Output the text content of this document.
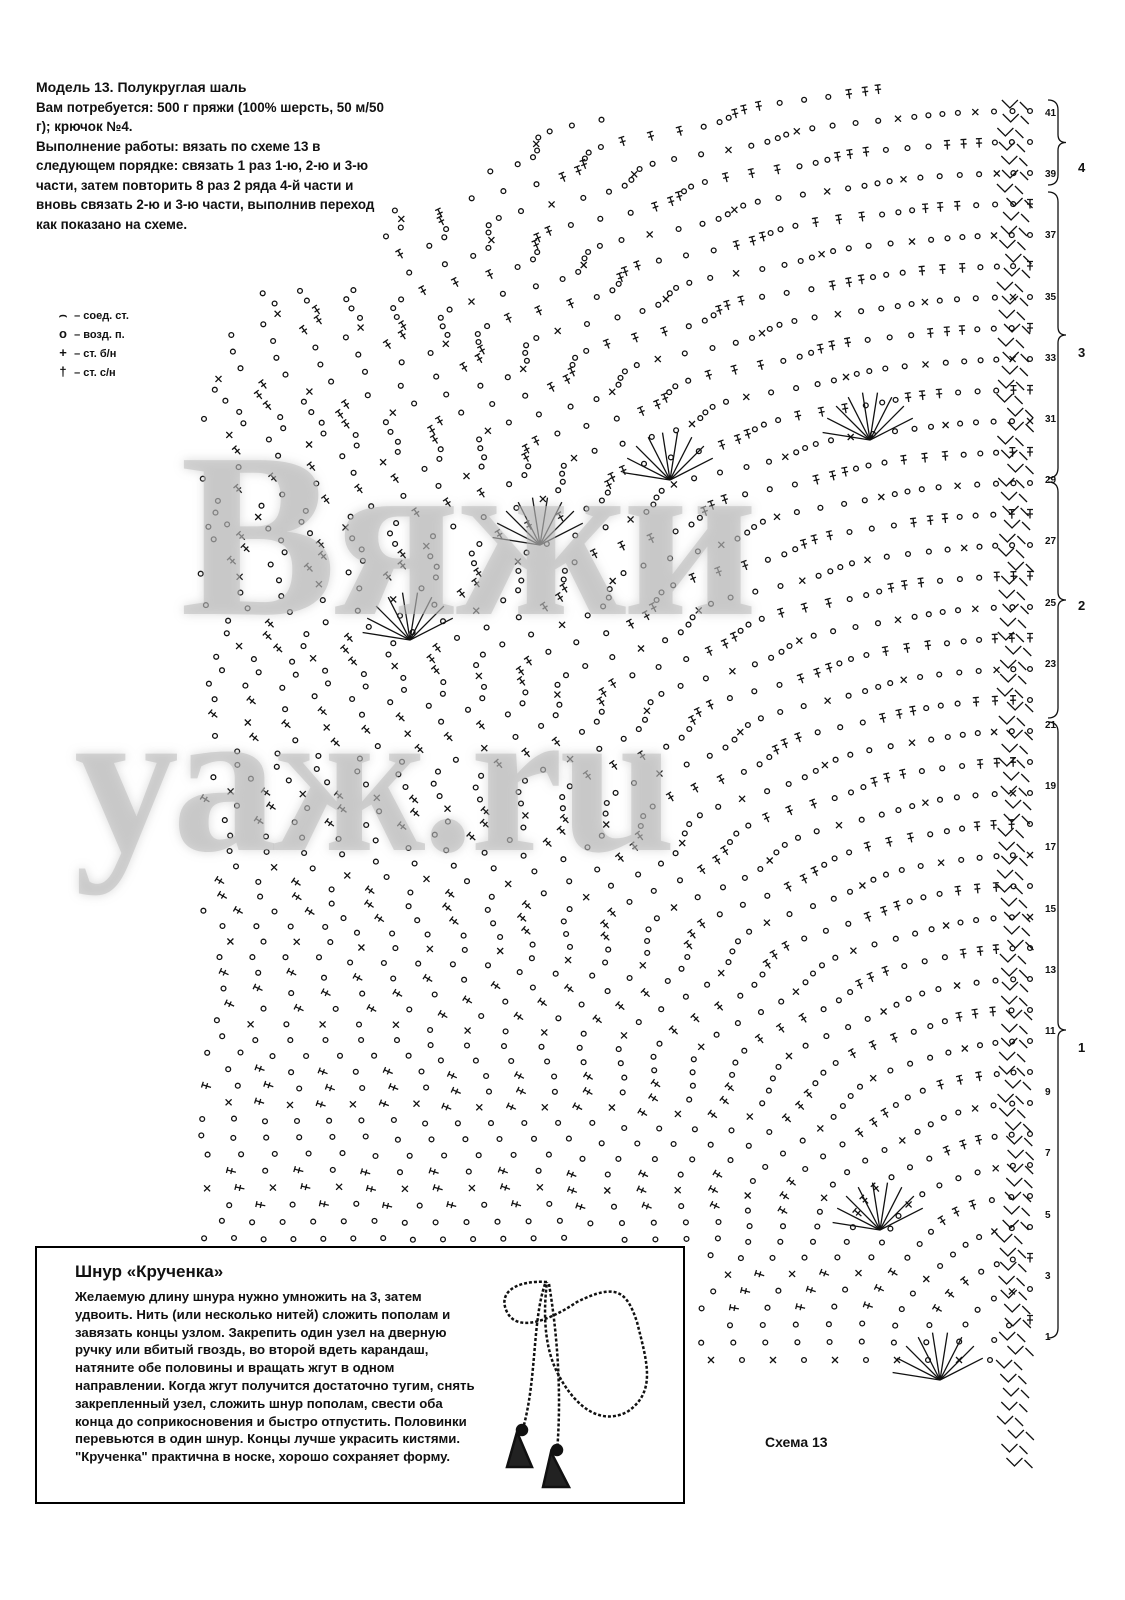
Модель 13. Полукруглая шаль
Вам потребуется: 500 г пряжи (100% шерсть, 50 м/50 г); крючок №4.
Выполнение работы: вязать по схеме 13 в следующем порядке: связать 1 раз 1-ю, 2-ю и 3-ю части, затем повторить 8 раз 2 ряда 4-й части и вновь связать 2-ю и 3-ю части, выполнив переход как показано на схеме.
⌢ – соед. ст.
о – возд. п.
+ – ст. б/н
† – ст. с/н
Вяжи
уаж.ru
41
39
37
35
33
31
29
27
25
23
21
19
17
15
13
11
9
7
5
3
1
4
3
2
1
Схема 13
Шнур «Крученка»
Желаемую длину шнура нужно умножить на 3, затем удвоить. Нить (или несколько нитей) сложить пополам и завязать концы узлом. Закрепить один узел на дверную ручку или вбитый гвоздь, во второй вдеть карандаш, натяните обе половины и вращать жгут в одном направлении. Когда жгут получится достаточно тугим, снять закрепленный узел, сложить шнур пополам, свести оба конца до соприкосновения и быстро отпустить. Половинки перевьются в один шнур. Концы лучше украсить кистями. "Крученка" практична в носке, хорошо сохраняет форму.
